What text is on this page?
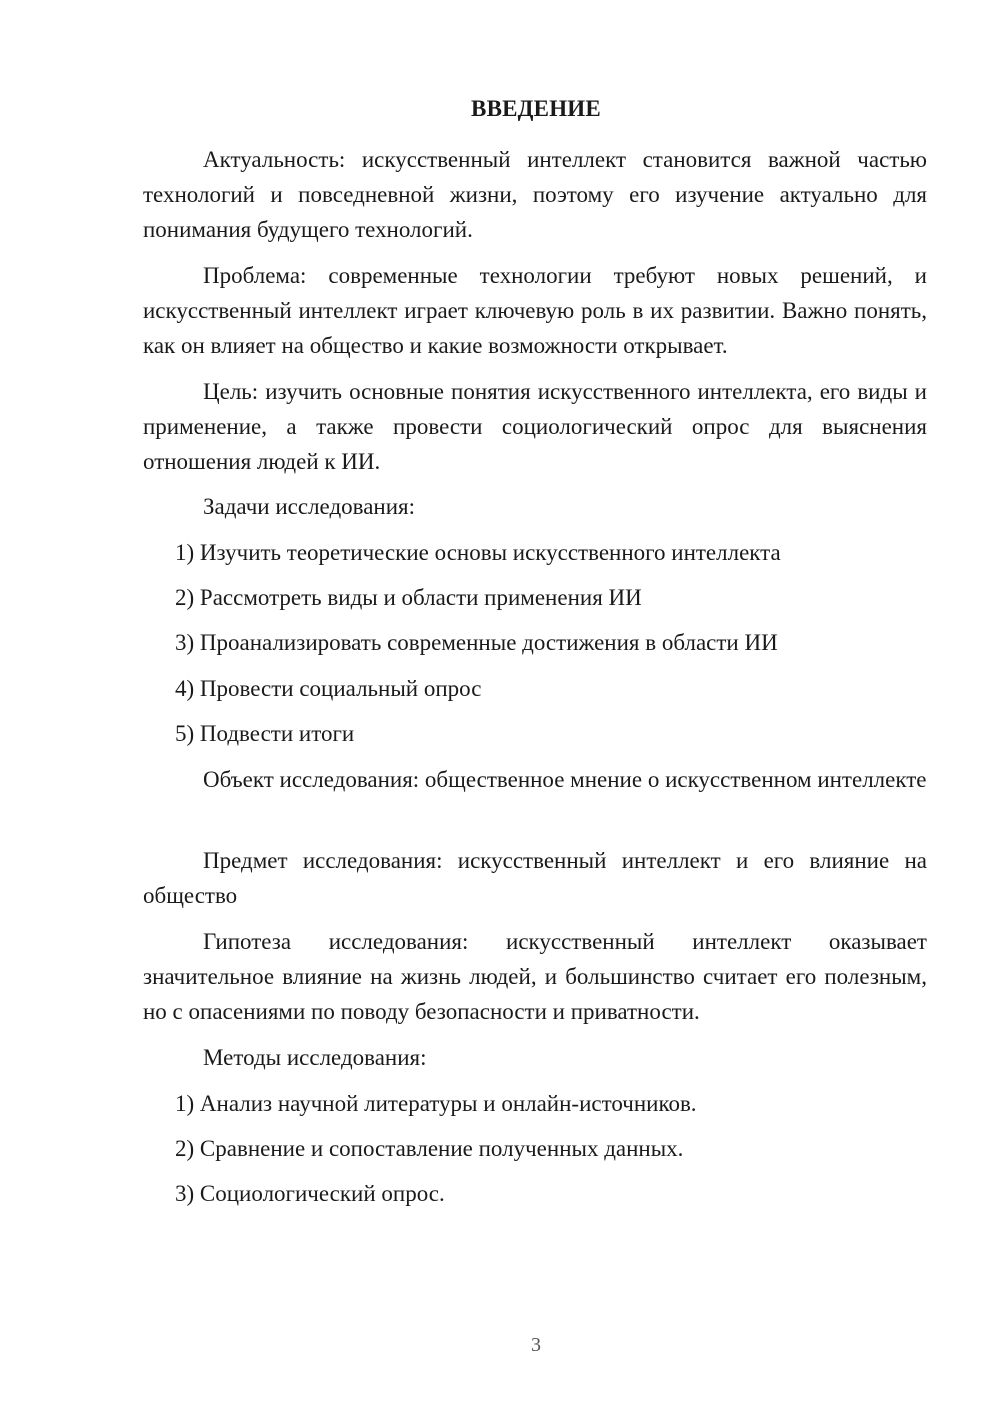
ВВЕДЕНИЕ

Актуальность: искусственный интеллект становится важной частью технологий и повседневной жизни, поэтому его изучение актуально для понимания будущего технологий.

Проблема: современные технологии требуют новых решений, и искусственный интеллект играет ключевую роль в их развитии. Важно понять, как он влияет на общество и какие возможности открывает.

Цель: изучить основные понятия искусственного интеллекта, его виды и применение, а также провести социологический опрос для выяснения отношения людей к ИИ.

Задачи исследования:

1) Изучить теоретические основы искусственного интеллекта

2) Рассмотреть виды и области применения ИИ

3) Проанализировать современные достижения в области ИИ

4) Провести социальный опрос

5) Подвести итоги

Объект исследования: общественное мнение о искусственном интеллекте

Предмет исследования: искусственный интеллект и его влияние на общество

Гипотеза исследования: искусственный интеллект оказывает значительное влияние на жизнь людей, и большинство считает его полезным, но с опасениями по поводу безопасности и приватности.

Методы исследования:

1) Анализ научной литературы и онлайн-источников.

2) Сравнение и сопоставление полученных данных.

3) Социологический опрос.

3
